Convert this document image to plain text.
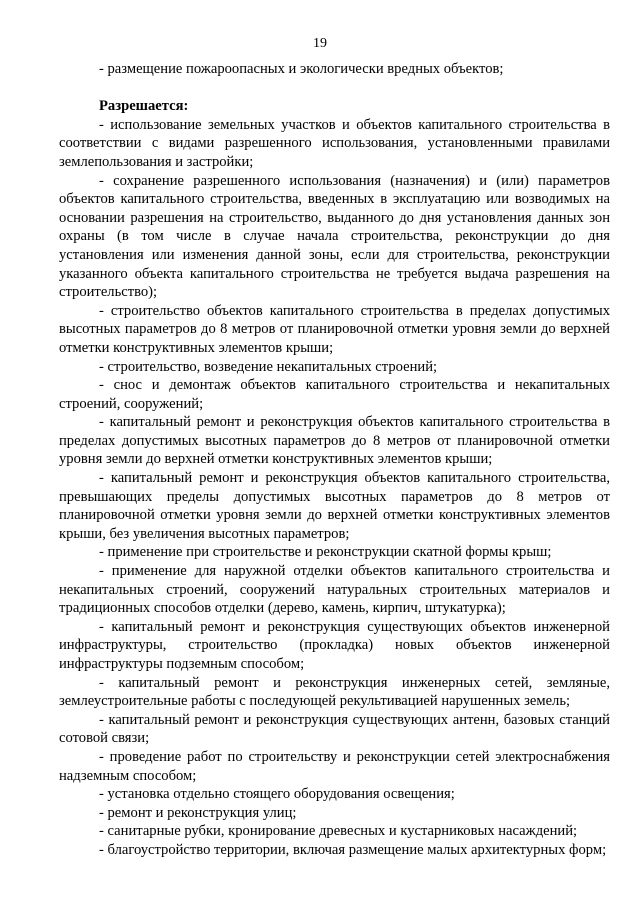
19

- размещение пожароопасных и экологически вредных объектов;

Разрешается:

- использование земельных участков и объектов капитального строительства в соответствии с видами разрешенного использования, установленными правилами землепользования и застройки;

- сохранение разрешенного использования (назначения) и (или) параметров объектов капитального строительства, введенных в эксплуатацию или возводимых на основании разрешения на строительство, выданного до дня установления данных зон охраны (в том числе в случае начала строительства, реконструкции до дня установления или изменения данной зоны, если для строительства, реконструкции указанного объекта капитального строительства не требуется выдача разрешения на строительство);

- строительство объектов капитального строительства в пределах допустимых высотных параметров до 8 метров от планировочной отметки уровня земли до верхней отметки конструктивных элементов крыши;

- строительство, возведение некапитальных строений;

- снос и демонтаж объектов капитального строительства и некапитальных строений, сооружений;

- капитальный ремонт и реконструкция объектов капитального строительства в пределах допустимых высотных параметров до 8 метров от планировочной отметки уровня земли до верхней отметки конструктивных элементов крыши;

- капитальный ремонт и реконструкция объектов капитального строительства, превышающих пределы допустимых высотных параметров до 8 метров от планировочной отметки уровня земли до верхней отметки конструктивных элементов крыши, без увеличения высотных параметров;

- применение при строительстве и реконструкции скатной формы крыш;

- применение для наружной отделки объектов капитального строительства и некапитальных строений, сооружений натуральных строительных материалов и традиционных способов отделки (дерево, камень, кирпич, штукатурка);

- капитальный ремонт и реконструкция существующих объектов инженерной инфраструктуры, строительство (прокладка) новых объектов инженерной инфраструктуры подземным способом;

- капитальный ремонт и реконструкция инженерных сетей, земляные, землеустроительные работы с последующей рекультивацией нарушенных земель;

- капитальный ремонт и реконструкция существующих антенн, базовых станций сотовой связи;

- проведение работ по строительству и реконструкции сетей электроснабжения надземным способом;

- установка отдельно стоящего оборудования освещения;

- ремонт и реконструкция улиц;

- санитарные рубки, кронирование древесных и кустарниковых насаждений;

- благоустройство территории, включая размещение малых архитектурных форм;
